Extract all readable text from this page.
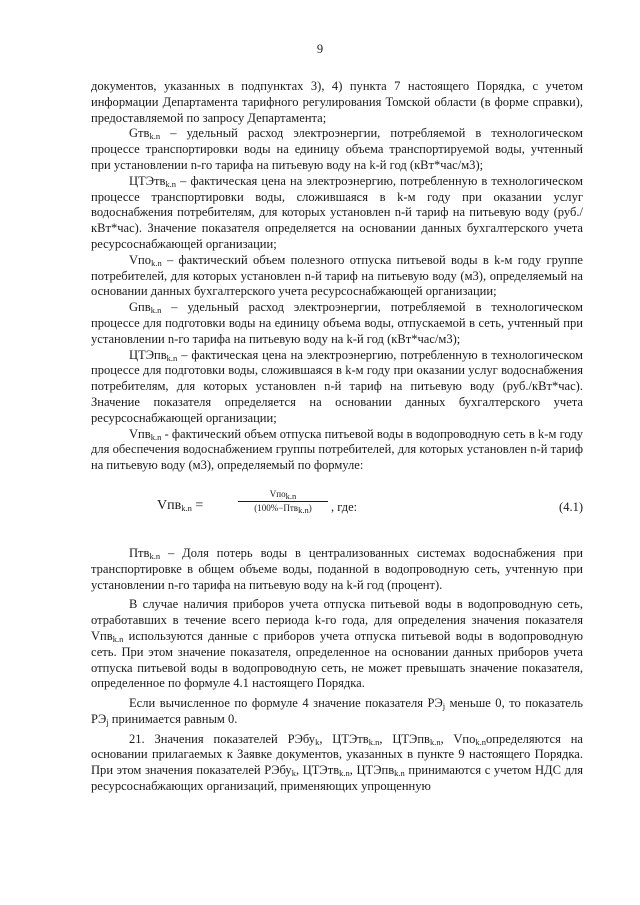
9

документов, указанных в подпунктах 3), 4) пункта 7 настоящего Порядка, с учетом информации Департамента тарифного регулирования Томской области (в форме справки), предоставляемой по запросу Департамента;

Gтв$_{k.n}$ – удельный расход электроэнергии, потребляемой в технологическом процессе транспортировки воды на единицу объема транспортируемой воды, учтенный при установлении n-го тарифа на питьевую воду на k-й год (кВт*час/м3);

ЦТЭтв$_{k.n}$ – фактическая цена на электроэнергию, потребленную в технологическом процессе транспортировки воды, сложившаяся в k-м году при оказании услуг водоснабжения потребителям, для которых установлен n-й тариф на питьевую воду (руб./кВт*час). Значение показателя определяется на основании данных бухгалтерского учета ресурсоснабжающей организации;

Vпо$_{k.n}$ – фактический объем полезного отпуска питьевой воды в k-м году группе потребителей, для которых установлен n-й тариф на питьевую воду (м3), определяемый на основании данных бухгалтерского учета ресурсоснабжающей организации;

Gпв$_{k.n}$ – удельный расход электроэнергии, потребляемой в технологическом процессе для подготовки воды на единицу объема воды, отпускаемой в сеть, учтенный при установлении n-го тарифа на питьевую воду на k-й год (кВт*час/м3);

ЦТЭпв$_{k.n}$ – фактическая цена на электроэнергию, потребленную в технологическом процессе для подготовки воды, сложившаяся в k-м году при оказании услуг водоснабжения потребителям, для которых установлен n-й тариф на питьевую воду (руб./кВт*час). Значение показателя определяется на основании данных бухгалтерского учета ресурсоснабжающей организации;

Vпв$_{k.n}$ - фактический объем отпуска питьевой воды в водопроводную сеть в k-м году для обеспечения водоснабжением группы потребителей, для которых установлен n-й тариф на питьевую воду (м3), определяемый по формуле:

Vпв$_{k.n}$ =
Vпо$_{k.n}$
(100%−Птв$_{k.n}$)	, где:	(4.1)

Птв$_{k.n}$ – Доля потерь воды в централизованных системах водоснабжения при транспортировке в общем объеме воды, поданной в водопроводную сеть, учтенную при установлении n-го тарифа на питьевую воду на k-й год (процент).

В случае наличия приборов учета отпуска питьевой воды в водопроводную сеть, отработавших в течение всего периода k-го года, для определения значения показателя Vпв$_{k.n}$ используются данные с приборов учета отпуска питьевой воды в водопроводную сеть. При этом значение показателя, определенное на основании данных приборов учета отпуска питьевой воды в водопроводную сеть, не может превышать значение показателя, определенное по формуле 4.1 настоящего Порядка.

Если вычисленное по формуле 4 значение показателя $РЭ_j$ меньше 0, то показатель $РЭ_j$ принимается равным 0.

21. Значения показателей РЭбу$_k$, ЦТЭтв$_{k.n}$, ЦТЭпв$_{k.n}$, Vпо$_{k.n}$определяются на основании прилагаемых к Заявке документов, указанных в пункте 9 настоящего Порядка. При этом значения показателей РЭбу$_k$, ЦТЭтв$_{k.n}$, ЦТЭпв$_{k.n}$ принимаются с учетом НДС для ресурсоснабжающих организаций, применяющих упрощенную
